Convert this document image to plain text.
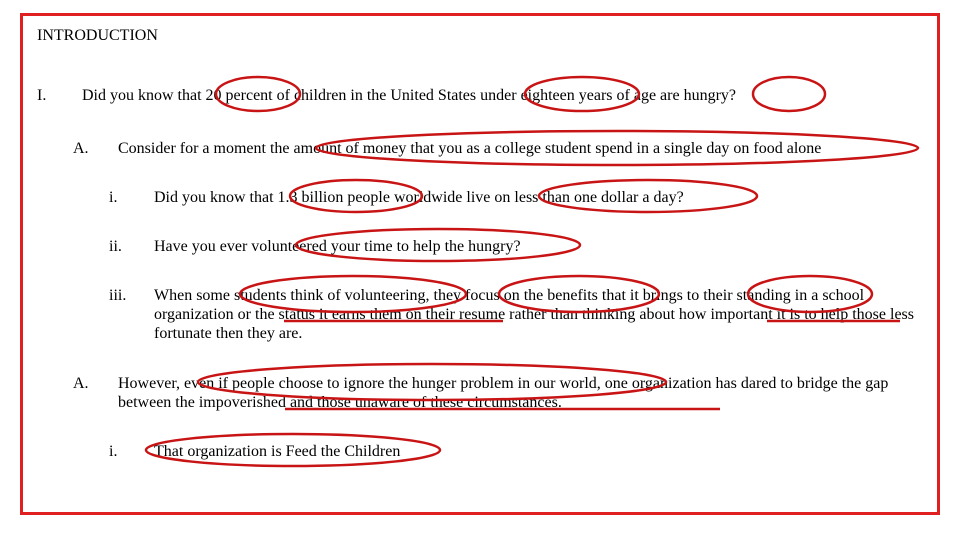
INTRODUCTION
I. Did you know that 20 percent of children in the United States under eighteen years of age are hungry?
A. Consider for a moment the amount of money that you as a college student spend in a single day on food alone
i. Did you know that 1.3 billion people worldwide live on less than one dollar a day?
ii. Have you ever volunteered your time to help the hungry?
iii. When some students think of volunteering, they focus on the benefits that it brings to their standing in a school organization or the status it earns them on their resume rather than thinking about how important it is to help those less fortunate then they are.
A. However, even if people choose to ignore the hunger problem in our world, one organization has dared to bridge the gap between the impoverished and those unaware of these circumstances.
i. That organization is Feed the Children
